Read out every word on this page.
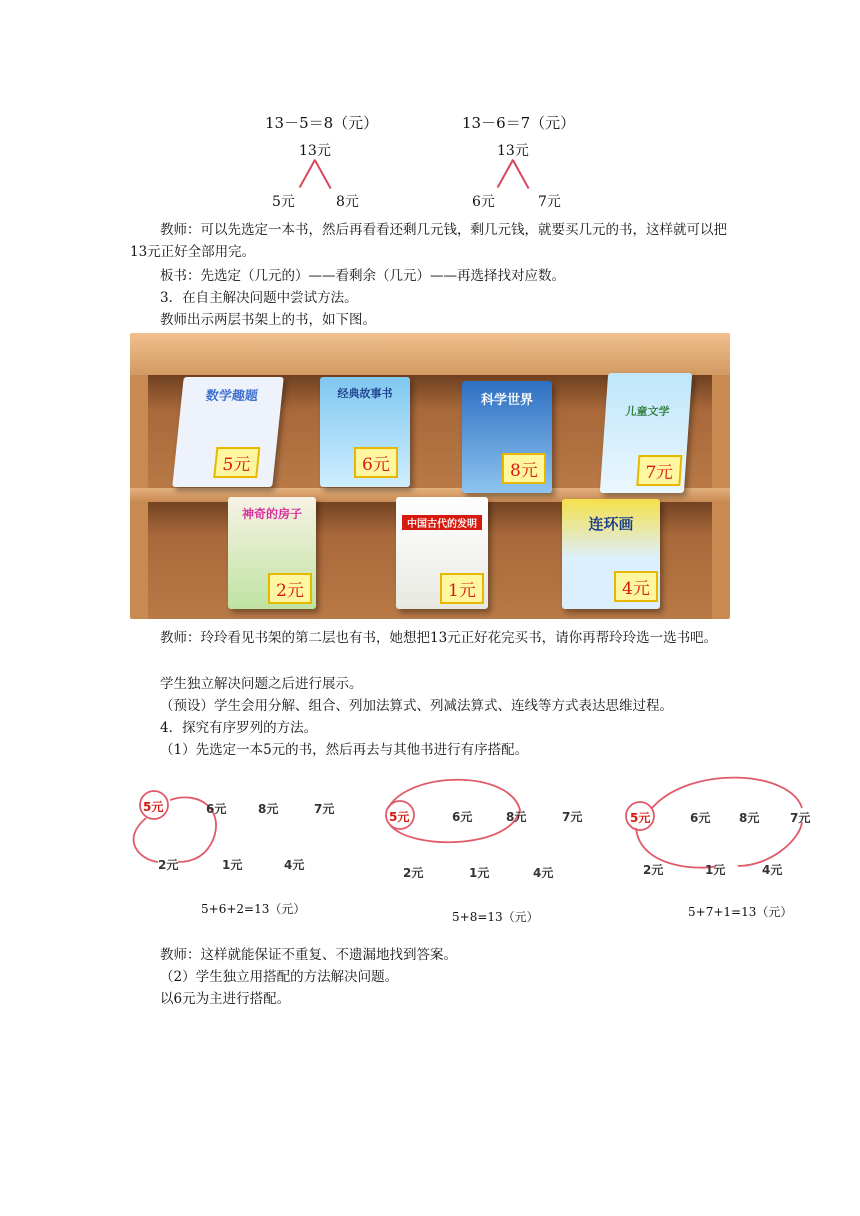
13－5＝8（元）	13－6＝7（元）
13元
5元	8元
13元
6元	7元

教师：可以先选定一本书，然后再看看还剩几元钱，剩几元钱，就要买几元的书，这样就可以把13元正好全部用完。

板书：先选定（几元的）——看剩余（几元）——再选择找对应数。

3．在自主解决问题中尝试方法。

教师出示两层书架上的书，如下图。

数学趣题
5元
经典故事书
6元
科学世界
8元
儿童文学
7元
神奇的房子
2元
中国古代的发明
1元
连环画
4元

教师：玲玲看见书架的第二层也有书，她想把13元正好花完买书，请你再帮玲玲选一选书吧。

学生独立解决问题之后进行展示。

（预设）学生会用分解、组合、列加法算式、列减法算式、连线等方式表达思维过程。

4．探究有序罗列的方法。

（1）先选定一本5元的书，然后再去与其他书进行有序搭配。

5元	6元	8元	7元
2元	1元	4元
5+6+2=13（元）
5元	6元	8元	7元
2元	1元	4元
5+8=13（元）
5元	6元 8元	7元
2元	1元	4元
5+7+1=13（元）

教师：这样就能保证不重复、不遗漏地找到答案。

（2）学生独立用搭配的方法解决问题。

以6元为主进行搭配。
